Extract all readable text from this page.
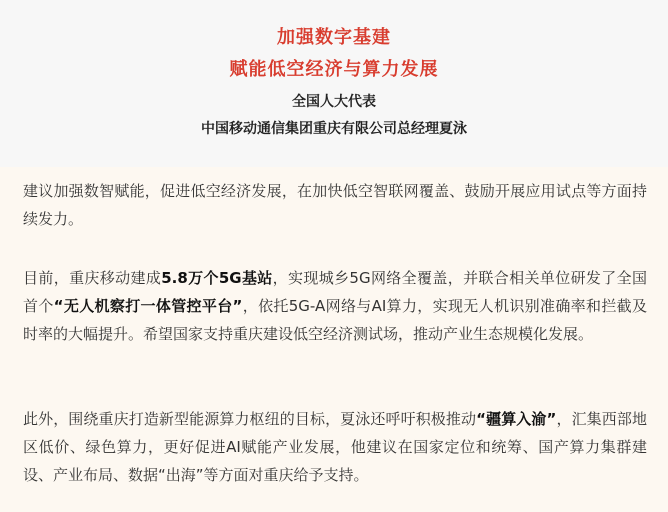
加强数字基建
赋能低空经济与算力发展
全国人大代表
中国移动通信集团重庆有限公司总经理夏泳

建议加强数智赋能，促进低空经济发展，在加快低空智联网覆盖、鼓励开展应用试点等方面持续发力。

目前，重庆移动建成5.8万个5G基站，实现城乡5G网络全覆盖，并联合相关单位研发了全国首个“无人机察打一体管控平台”，依托5G-A网络与AI算力，实现无人机识别准确率和拦截及时率的大幅提升。希望国家支持重庆建设低空经济测试场，推动产业生态规模化发展。

此外，围绕重庆打造新型能源算力枢纽的目标，夏泳还呼吁积极推动“疆算入渝”，汇集西部地区低价、绿色算力，更好促进AI赋能产业发展，他建议在国家定位和统筹、国产算力集群建设、产业布局、数据“出海”等方面对重庆给予支持。
